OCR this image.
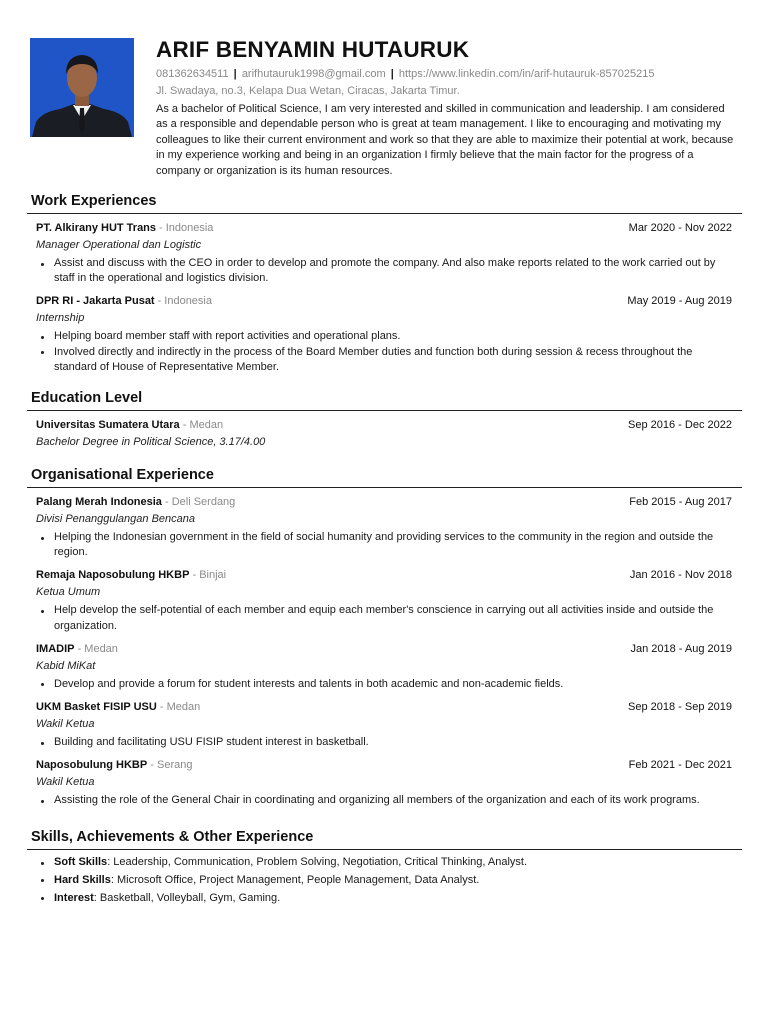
ARIF BENYAMIN HUTAURUK
081362634511 | arifhutauruk1998@gmail.com | https://www.linkedin.com/in/arif-hutauruk-857025215
Jl. Swadaya, no.3, Kelapa Dua Wetan, Ciracas, Jakarta Timur.
As a bachelor of Political Science, I am very interested and skilled in communication and leadership. I am considered as a responsible and dependable person who is great at team management. I like to encouraging and motivating my colleagues to like their current environment and work so that they are able to maximize their potential at work, because in my experience working and being in an organization I firmly believe that the main factor for the progress of a company or organization is its human resources.
Work Experiences
PT. Alkirany HUT Trans - Indonesia	Mar 2020 - Nov 2022
Manager Operational dan Logistic
Assist and discuss with the CEO in order to develop and promote the company. And also make reports related to the work carried out by staff in the operational and logistics division.
DPR RI - Jakarta Pusat - Indonesia	May 2019 - Aug 2019
Internship
Helping board member staff with report activities and operational plans.
Involved directly and indirectly in the process of the Board Member duties and function both during session & recess throughout the standard of House of Representative Member.
Education Level
Universitas Sumatera Utara - Medan	Sep 2016 - Dec 2022
Bachelor Degree in Political Science, 3.17/4.00
Organisational Experience
Palang Merah Indonesia - Deli Serdang	Feb 2015 - Aug 2017
Divisi Penanggulangan Bencana
Helping the Indonesian government in the field of social humanity and providing services to the community in the region and outside the region.
Remaja Naposobulung HKBP - Binjai	Jan 2016 - Nov 2018
Ketua Umum
Help develop the self-potential of each member and equip each member's conscience in carrying out all activities inside and outside the organization.
IMADIP - Medan	Jan 2018 - Aug 2019
Kabid MiKat
Develop and provide a forum for student interests and talents in both academic and non-academic fields.
UKM Basket FISIP USU - Medan	Sep 2018 - Sep 2019
Wakil Ketua
Building and facilitating USU FISIP student interest in basketball.
Naposobulung HKBP - Serang	Feb 2021 - Dec 2021
Wakil Ketua
Assisting the role of the General Chair in coordinating and organizing all members of the organization and each of its work programs.
Skills, Achievements & Other Experience
Soft Skills: Leadership, Communication, Problem Solving, Negotiation, Critical Thinking, Analyst.
Hard Skills: Microsoft Office, Project Management, People Management, Data Analyst.
Interest: Basketball, Volleyball, Gym, Gaming.
